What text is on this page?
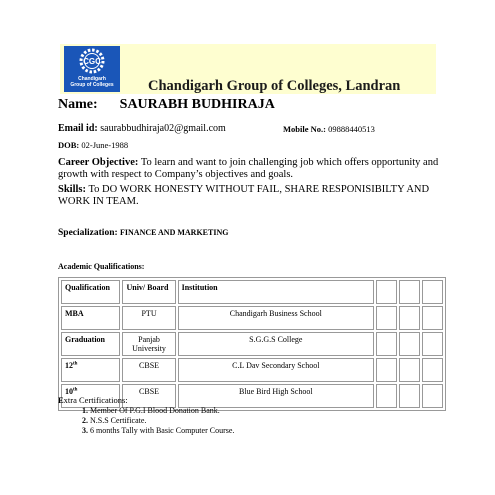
CGC
Chandigarh
Group of Colleges	Chandigarh Group of Colleges, Landran
Name: SAURABH BUDHIRAJA
Email id: saurabbudhiraja02@gmail.com	Mobile No.: 09888440513
DOB: 02-June-1988
Career Objective: To learn and want to join challenging job which offers opportunity and growth with respect to Company’s objectives and goals.
Skills: To DO WORK HONESTY WITHOUT FAIL, SHARE RESPONISIBILTY AND WORK IN TEAM.
Specialization: FINANCE AND MARKETING
Academic Qualifications:
Qualification	Univ/ Board	Institution			
MBA	PTU	Chandigarh Business School			
Graduation	Panjab University	S.G.G.S College			
12th	CBSE	C.L Dav Secondary School			
10th	CBSE	Blue Bird High School			
Extra Certifications:
1. Member Of P.G.I Blood Donation Bank.
2. N.S.S Certificate.
3. 6 months Tally with Basic Computer Course.
